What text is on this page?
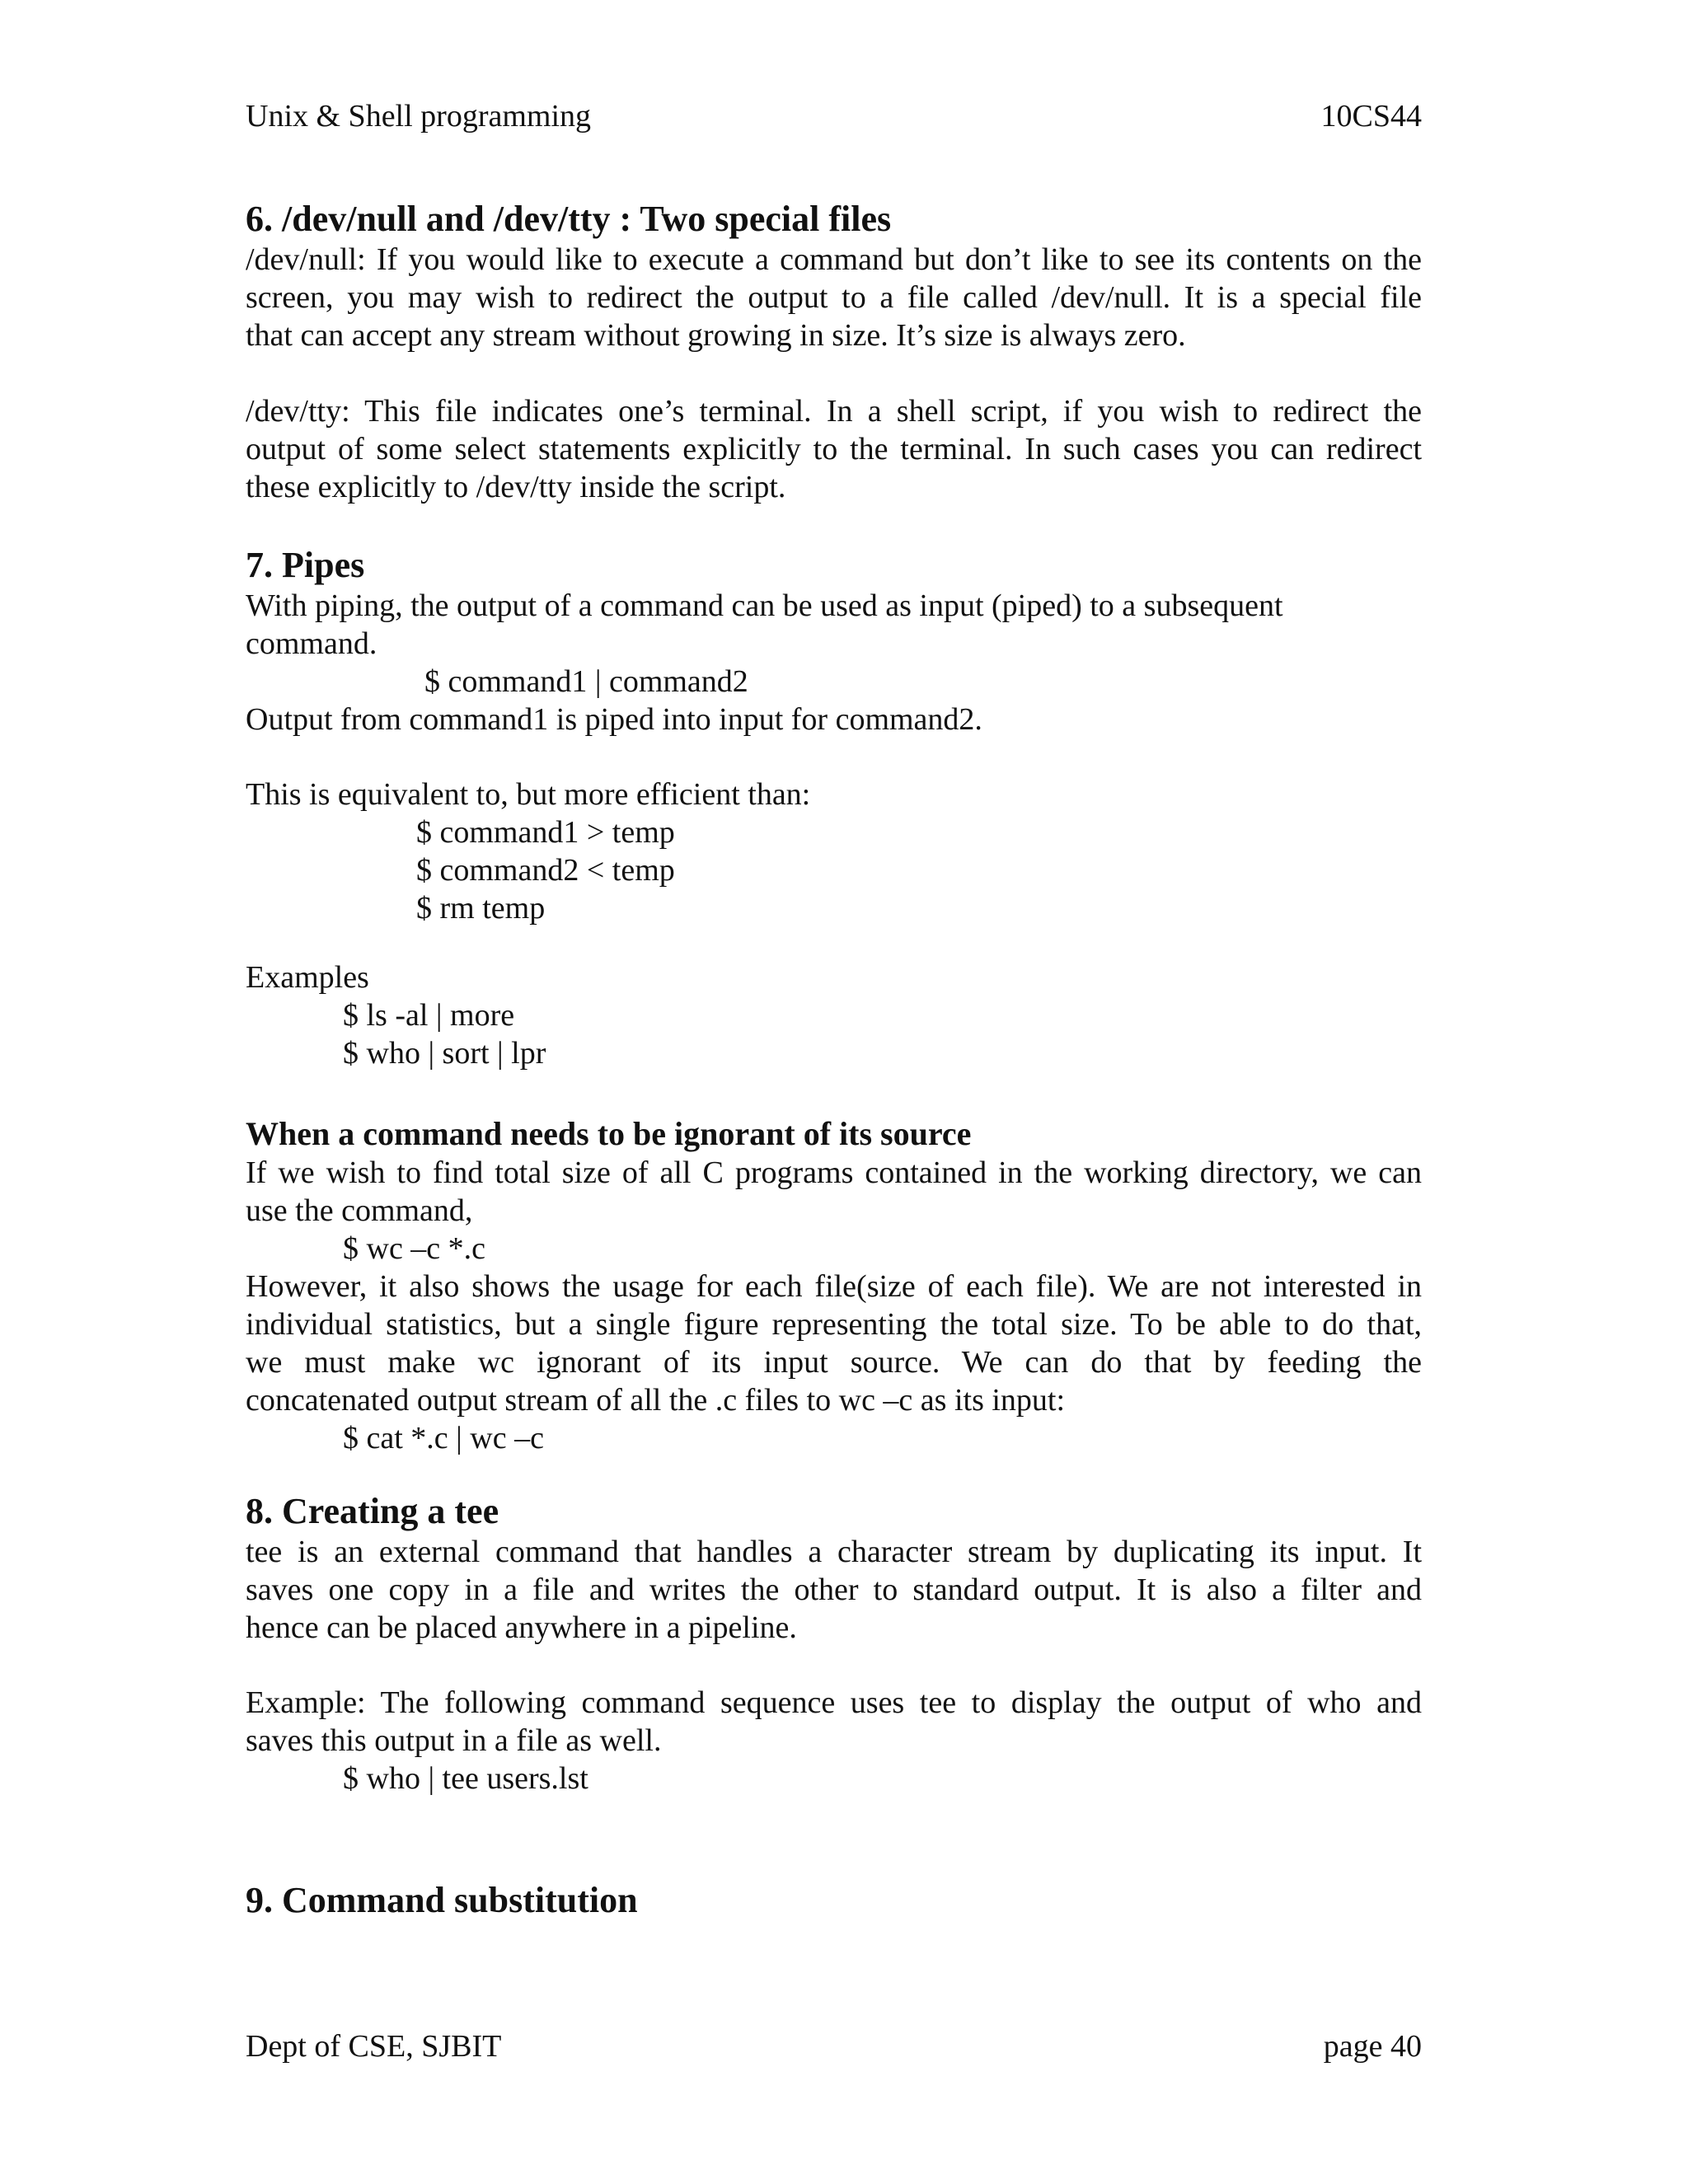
Unix & Shell programming	10CS44
6. /dev/null and /dev/tty : Two special files
/dev/null: If you would like to execute a command but don’t like to see its contents on the
screen, you may wish to redirect the output to a file called /dev/null. It is a special file
that can accept any stream without growing in size. It’s size is always zero.
/dev/tty: This file indicates one’s terminal. In a shell script, if you wish to redirect the
output of some select statements explicitly to the terminal. In such cases you can redirect
these explicitly to /dev/tty inside the script.
7. Pipes
With piping, the output of a command can be used as input (piped) to a subsequent
command.
$ command1 | command2
Output from command1 is piped into input for command2.
This is equivalent to, but more efficient than:
$ command1 > temp
$ command2 < temp
$ rm temp
Examples
$ ls -al | more
$ who | sort | lpr
When a command needs to be ignorant of its source
If we wish to find total size of all C programs contained in the working directory, we can
use the command,
$ wc –c *.c
However, it also shows the usage for each file(size of each file). We are not interested in
individual statistics, but a single figure representing the total size. To be able to do that,
we must make wc ignorant of its input source. We can do that by feeding the
concatenated output stream of all the .c files to wc –c as its input:
$ cat *.c | wc –c
8. Creating a tee
tee is an external command that handles a character stream by duplicating its input. It
saves one copy in a file and writes the other to standard output. It is also a filter and
hence can be placed anywhere in a pipeline.
Example: The following command sequence uses tee to display the output of who and
saves this output in a file as well.
$ who | tee users.lst
9. Command substitution
Dept of CSE, SJBIT	page 40
